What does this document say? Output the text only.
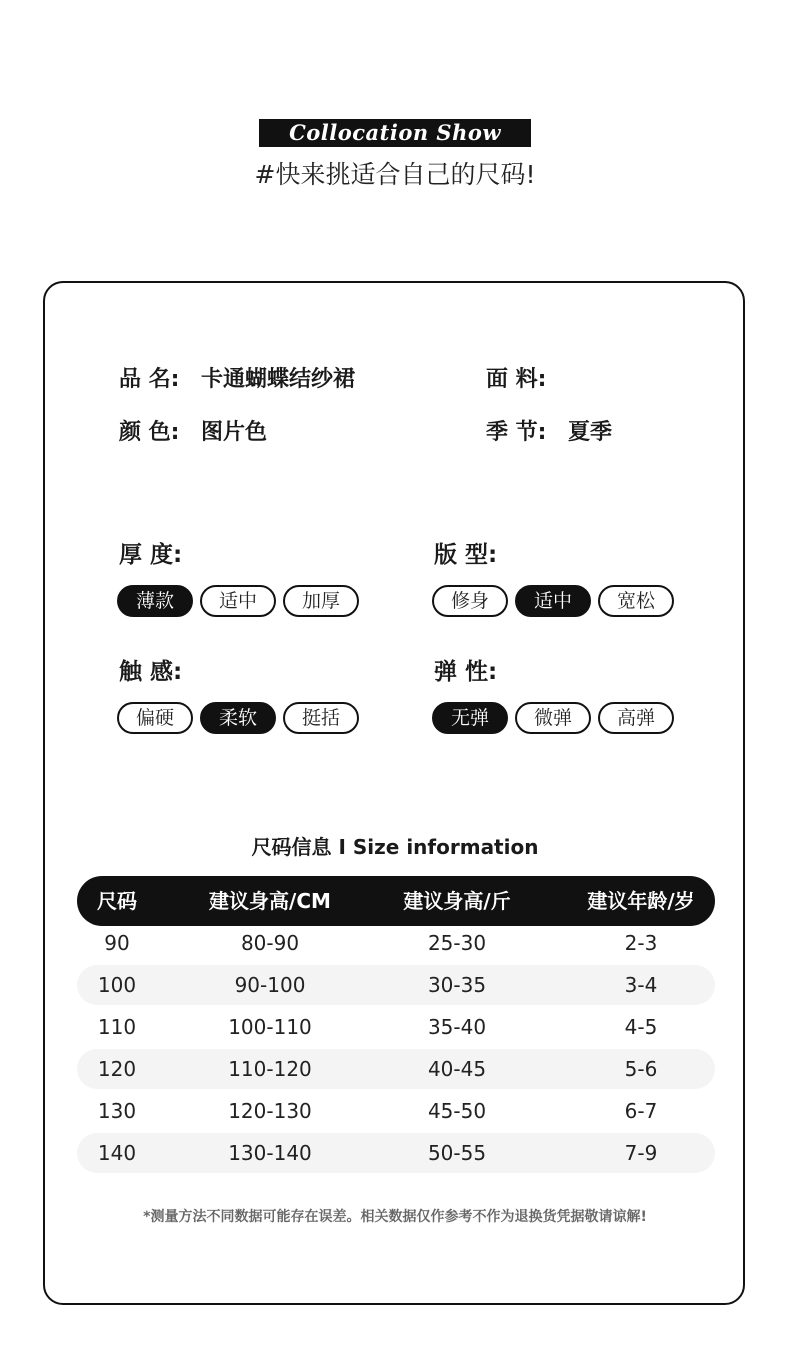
Collocation Show
#快来挑适合自己的尺码!
品 名: 卡通蝴蝶结纱裙	面 料:
颜 色: 图片色	季 节: 夏季
厚 度:
薄款	适中	加厚
版 型:
修身	适中	宽松
触 感:
偏硬	柔软	挺括
弹 性:
无弹	微弹	高弹
尺码信息 I Size information
尺码	建议身高/CM	建议身高/斤	建议年龄/岁
90	80-90	25-30	2-3
100	90-100	30-35	3-4
110	100-110	35-40	4-5
120	110-120	40-45	5-6
130	120-130	45-50	6-7
140	130-140	50-55	7-9
*测量方法不同数据可能存在误差。相关数据仅作参考不作为退换货凭据敬请谅解!
